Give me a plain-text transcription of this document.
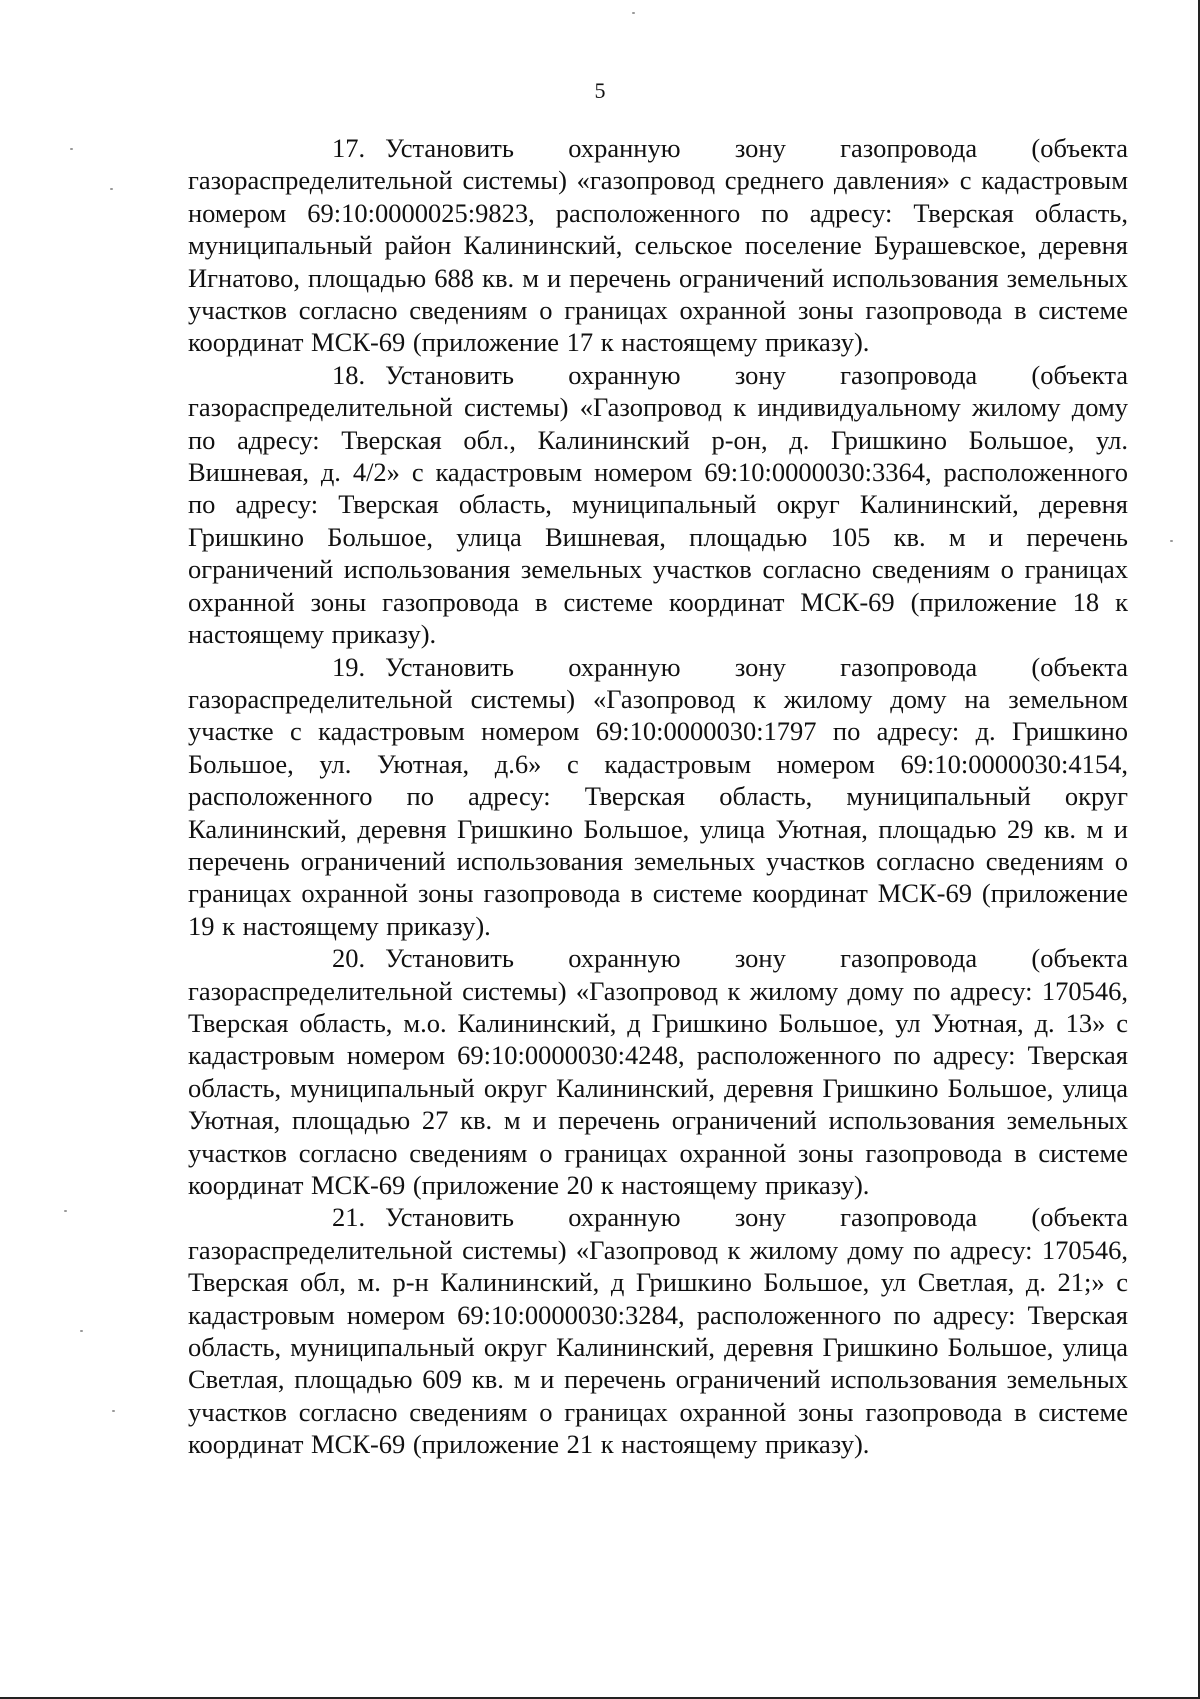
5

17. Установить охранную зону газопровода (объекта газораспределительной системы) «газопровод среднего давления» с кадастровым номером 69:10:0000025:9823, расположенного по адресу: Тверская область, муниципальный район Калининский, сельское поселение Бурашевское, деревня Игнатово, площадью 688 кв. м и перечень ограничений использования земельных участков согласно сведениям о границах охранной зоны газопровода в системе координат МСК-69 (приложение 17 к настоящему приказу).

18. Установить охранную зону газопровода (объекта газораспределительной системы) «Газопровод к индивидуальному жилому дому по адресу: Тверская обл., Калининский р-он, д. Гришкино Большое, ул. Вишневая, д. 4/2» с кадастровым номером 69:10:0000030:3364, расположенного по адресу: Тверская область, муниципальный округ Калининский, деревня Гришкино Большое, улица Вишневая, площадью 105 кв. м и перечень ограничений использования земельных участков согласно сведениям о границах охранной зоны газопровода в системе координат МСК-69 (приложение 18 к настоящему приказу).

19. Установить охранную зону газопровода (объекта газораспределительной системы) «Газопровод к жилому дому на земельном участке с кадастровым номером 69:10:0000030:1797 по адресу: д. Гришкино Большое, ул. Уютная, д.6» с кадастровым номером 69:10:0000030:4154, расположенного по адресу: Тверская область, муниципальный округ Калининский, деревня Гришкино Большое, улица Уютная, площадью 29 кв. м и перечень ограничений использования земельных участков согласно сведениям о границах охранной зоны газопровода в системе координат МСК-69 (приложение 19 к настоящему приказу).

20. Установить охранную зону газопровода (объекта газораспределительной системы) «Газопровод к жилому дому по адресу: 170546, Тверская область, м.о. Калининский, д Гришкино Большое, ул Уютная, д. 13» с кадастровым номером 69:10:0000030:4248, расположенного по адресу: Тверская область, муниципальный округ Калининский, деревня Гришкино Большое, улица Уютная, площадью 27 кв. м и перечень ограничений использования земельных участков согласно сведениям о границах охранной зоны газопровода в системе координат МСК-69 (приложение 20 к настоящему приказу).

21. Установить охранную зону газопровода (объекта газораспределительной системы) «Газопровод к жилому дому по адресу: 170546, Тверская обл, м. р-н Калининский, д Гришкино Большое, ул Светлая, д. 21;» с кадастровым номером 69:10:0000030:3284, расположенного по адресу: Тверская область, муниципальный округ Калининский, деревня Гришкино Большое, улица Светлая, площадью 609 кв. м и перечень ограничений использования земельных участков согласно сведениям о границах охранной зоны газопровода в системе координат МСК-69 (приложение 21 к настоящему приказу).
